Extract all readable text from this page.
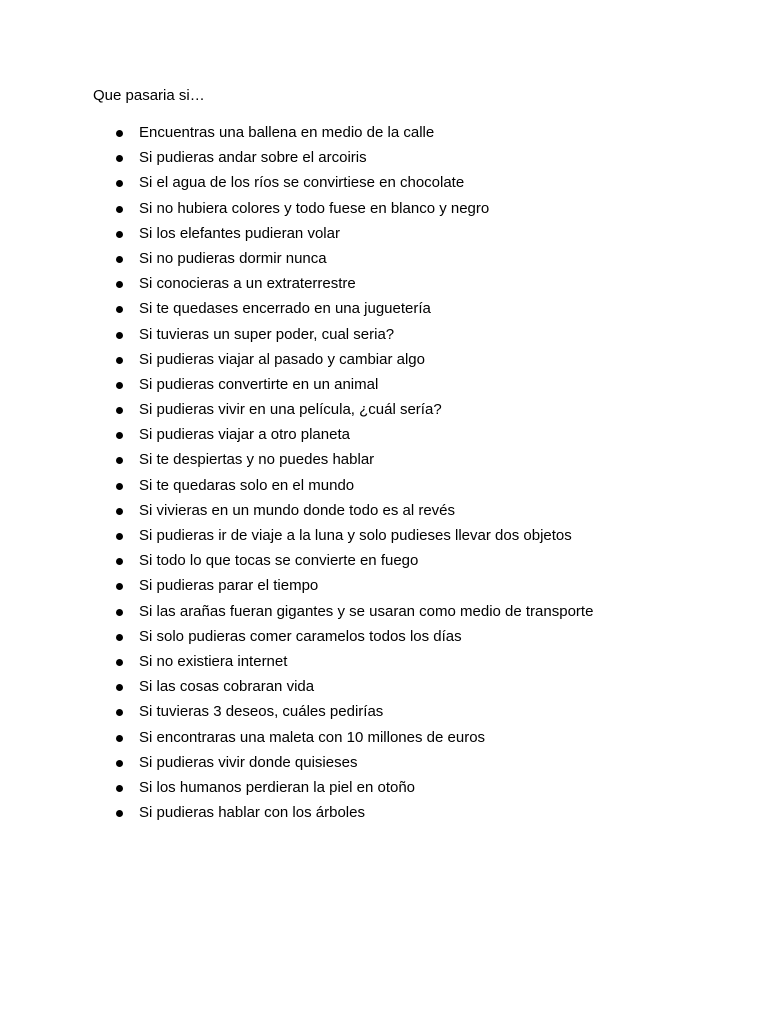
Que pasaria si…

Encuentras una ballena en medio de la calle
Si pudieras andar sobre el arcoiris
Si el agua de los ríos se convirtiese en chocolate
Si no hubiera colores y todo fuese en blanco y negro
Si los elefantes pudieran volar
Si no pudieras dormir nunca
Si conocieras a un extraterrestre
Si te quedases encerrado en una juguetería
Si tuvieras un super poder, cual seria?
Si pudieras viajar al pasado y cambiar algo
Si pudieras convertirte en un animal
Si pudieras vivir en una película, ¿cuál sería?
Si pudieras viajar a otro planeta
Si te despiertas y no puedes hablar
Si te quedaras solo en el mundo
Si vivieras en un mundo donde todo es al revés
Si pudieras ir de viaje a la luna y solo pudieses llevar dos objetos
Si todo lo que tocas se convierte en fuego
Si pudieras parar el tiempo
Si las arañas fueran gigantes y se usaran como medio de transporte
Si solo pudieras comer caramelos todos los días
Si no existiera internet
Si las cosas cobraran vida
Si tuvieras 3 deseos, cuáles pedirías
Si encontraras una maleta con 10 millones de euros
Si pudieras vivir donde quisieses
Si los humanos perdieran la piel en otoño
Si pudieras hablar con los árboles
